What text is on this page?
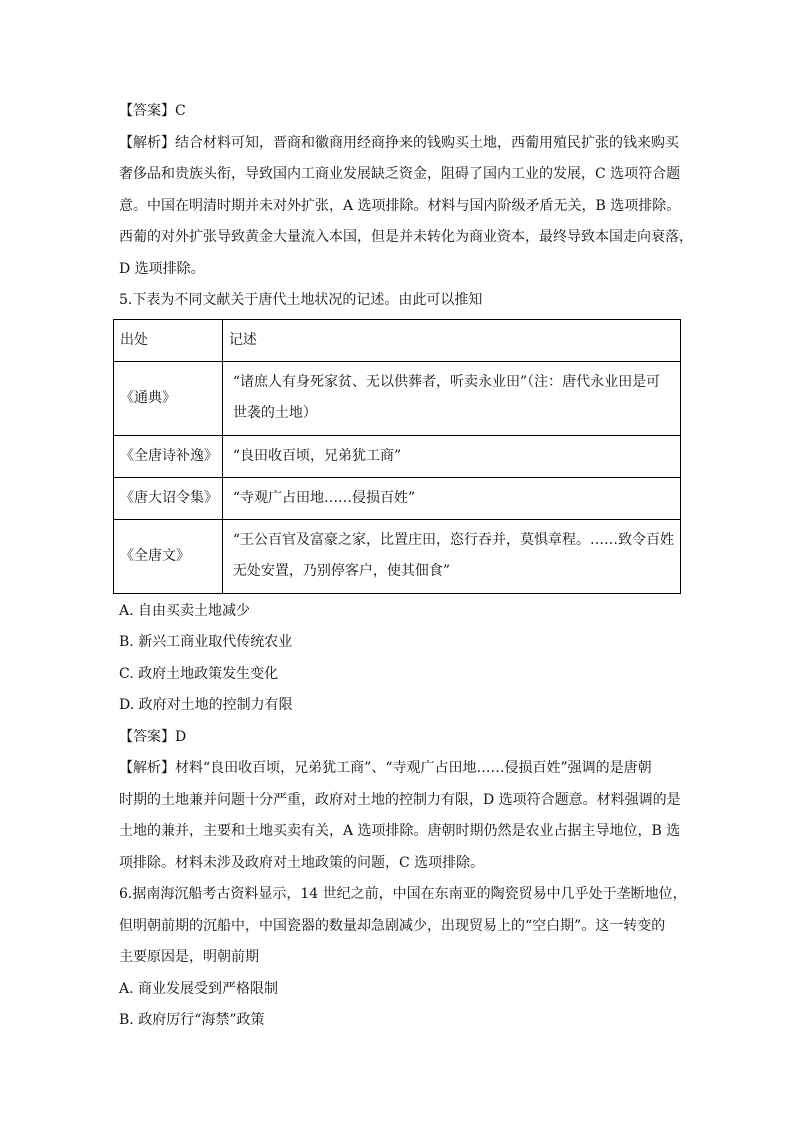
【答案】C
【解析】结合材料可知，晋商和徽商用经商挣来的钱购买土地，西葡用殖民扩张的钱来购买
奢侈品和贵族头衔，导致国内工商业发展缺乏资金，阻碍了国内工业的发展，C 选项符合题
意。中国在明清时期并未对外扩张，A 选项排除。材料与国内阶级矛盾无关，B 选项排除。
西葡的对外扩张导致黄金大量流入本国，但是并未转化为商业资本，最终导致本国走向衰落，
D 选项排除。
5.下表为不同文献关于唐代土地状况的记述。由此可以推知
出处	记述
《通典》	“诸庶人有身死家贫、无以供葬者，听卖永业田”（注：唐代永业田是可
世袭的土地）

《全唐诗补逸》	“良田收百顷，兄弟犹工商”

《唐大诏令集》	“寺观广占田地……侵损百姓”

《全唐文》	“王公百官及富豪之家，比置庄田，恣行吞并，莫惧章程。……致令百姓
无处安置，乃别停客户，使其佃食”
A. 自由买卖土地减少
B. 新兴工商业取代传统农业
C. 政府土地政策发生变化
D. 政府对土地的控制力有限
【答案】D
【解析】材料“良田收百顷，兄弟犹工商”、“寺观广占田地……侵损百姓”强调的是唐朝
时期的土地兼并问题十分严重，政府对土地的控制力有限，D 选项符合题意。材料强调的是
土地的兼并，主要和土地买卖有关，A 选项排除。唐朝时期仍然是农业占据主导地位，B 选
项排除。材料未涉及政府对土地政策的问题，C 选项排除。
6.据南海沉船考古资料显示，14 世纪之前，中国在东南亚的陶瓷贸易中几乎处于垄断地位，
但明朝前期的沉船中，中国瓷器的数量却急剧减少，出现贸易上的“空白期”。这一转变的
主要原因是，明朝前期
A. 商业发展受到严格限制
B. 政府厉行“海禁”政策
